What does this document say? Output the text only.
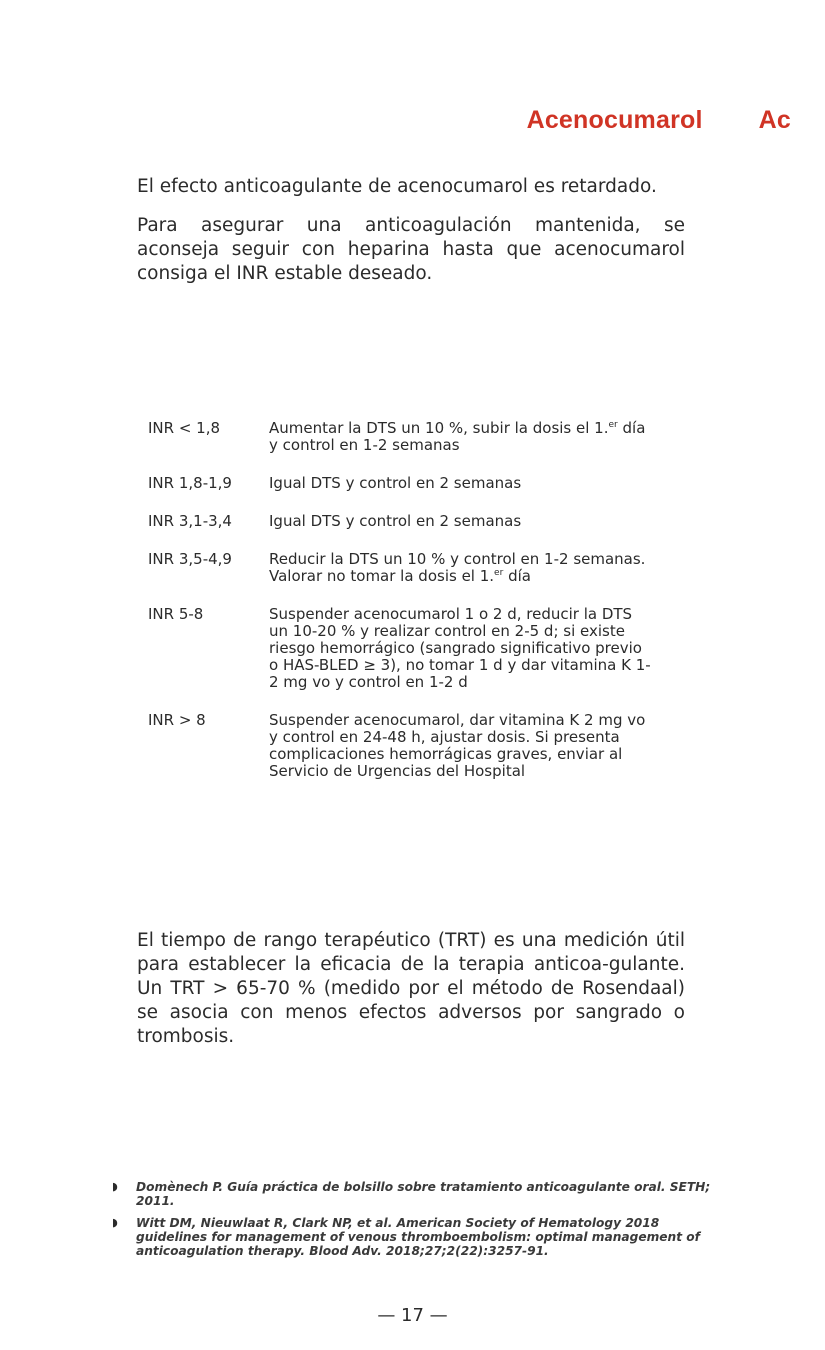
Acenocumarol Ac

El efecto anticoagulante de acenocumarol es retardado.

Para asegurar una anticoagulación mantenida, se aconseja seguir con heparina hasta que acenocumarol consiga el INR estable deseado.

INR < 1,8	Aumentar la DTS un 10 %, subir la dosis el 1.$^{er}$ día y control en 1-2 semanas
INR 1,8-1,9	Igual DTS y control en 2 semanas
INR 3,1-3,4	Igual DTS y control en 2 semanas
INR 3,5-4,9	Reducir la DTS un 10 % y control en 1-2 semanas. Valorar no tomar la dosis el 1.$^{er}$ día
INR 5-8	Suspender acenocumarol 1 o 2 d, reducir la DTS un 10-20 % y realizar control en 2-5 d; si existe riesgo hemorrágico (sangrado significativo previo o HAS-BLED ≥ 3), no tomar 1 d y dar vitamina K 1-2 mg vo y control en 1-2 d
INR > 8	Suspender acenocumarol, dar vitamina K 2 mg vo y control en 24-48 h, ajustar dosis. Si presenta complicaciones hemorrágicas graves, enviar al Servicio de Urgencias del Hospital

El tiempo de rango terapéutico (TRT) es una medición útil para establecer la eficacia de la terapia anticoa-gulante. Un TRT > 65-70 % (medido por el método de Rosendaal) se asocia con menos efectos adversos por sangrado o trombosis.

◗	Domènech P. Guía práctica de bolsillo sobre tratamiento anticoagulante oral. SETH; 2011.
◗	Witt DM, Nieuwlaat R, Clark NP, et al. American Society of Hematology 2018 guidelines for management of venous thromboembolism: optimal management of anticoagulation therapy. Blood Adv. 2018;27;2(22):3257-91.
— 17 —
